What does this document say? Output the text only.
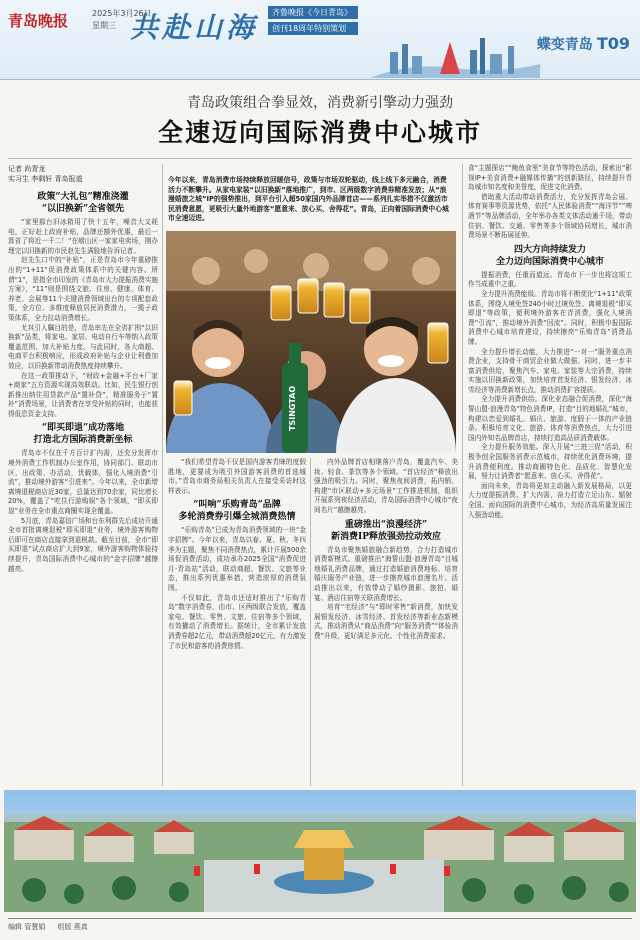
青岛晚报	2025年3月26日
星期三 共赴山海	齐鲁晚报《今日青岛》
创刊18周年特别策划
蝶变青岛 T09
青岛政策组合拳显效，消费新引擎动力强劲
全速迈向国际消费中心城市
记者 尚青龙
实习生 李剩轩 青岛报道
政策“大礼包”精准浇灌
“以旧换新”全省领先

“家里那台旧冰箱用了快十五年，噪音大又耗电，正好赶上政府补贴，品牌还额外优惠，最后一算省了将近一千二！”在崂山区一家家电卖场，刚办理完以旧换新的市民赵先生满脸地告诉记者。

赵先生口中的“补贴”，正是青岛市今年重磅推出的“1+11”促消费政策体系中的关键内容。所谓“1”，是指全市印发的《青岛市大力提振消费实施方案》，“11”则是围绕文旅、住房、健康、体育、养老、会展等11个关键消费领域出台的专项配套政策，全方位、多维度释放居民消费潜力，一揽子政策体系，全力拉动消费增长。

尤其引人瞩目的是，青岛率先在全省扩围“以旧换新”品类，将家电、家居、电动自行车等纳入政策覆盖范围，加大补贴力度。与此同时，各大商超、电商平台积极响应，形成政府补贴与企业让利叠加效应，以旧换新带动消费热度持续攀升。

在这一政策推动下，“财政+金融+平台+厂家+商家”五方资源实现高效联动。比如，民生银行创新推出纳住用贷款产品“置补贷”，精准服务于“置补”消费场景，让消费者在享受补贴的同时，也能获得低息资金支持。

“即买即退”成功落地
打造北方国际消费新坐标

青岛市不仅在千方百计扩内需，还充分发挥市境外消费工作机制办公室作用，协同部门、联动市区，出政策、办活动，优载体，强化入境消费“引流”，推动境外游客“引进来”。今年以来，全市新增离境退税商店近30家，总量达到70余家，同比增长20%，覆盖了“吃住行游购娱”各个领域，“即买即退”业务在全市重点商圈实现全覆盖。

5月底，青岛嘉信广场和台东利群先后成功开通全市首批离境退税“即买即退”业务，境外游客购物后即可在商店直接拿到退税款。截至目前，全市“即买即退”试点商店扩大到9家，境外游客购物体验持续提升，青岛国际消费中心城市的“金字招牌”越擦越亮。

今年以来，青岛消费市场持续释放回暖信号，政策与市场双轮驱动，线上线下多元融合，消费活力不断攀升。从家电家装“以旧换新”落地推广，到市、区两级数字消费券精准发放；从“浪漫婚旅之城”IP的强势推出，到平台引入超50家国内外品牌首店——系列扎实举措不仅激活市民消费意愿，更吸引大量外地游客“愿意来、放心买、舍得花”。青岛，正向着国际消费中心城市全速迈进。
TSINGTAO

“我们希望青岛不仅是国内游客青睐的度假胜地，更要成为吸引外国游客消费的首选城市。”青岛市商务局相关负责人在接受采访时这样表示。

“叫响”乐购青岛”品牌
多轮消费券引爆全城消费热情

“乐购青岛”已成为青岛消费领域的一块“金字招牌”。今年以来，青岛以春、夏、秋、冬四季为主题，聚焦不同消费热点，累计开展500余场促消费活动，成功承办2025全国“消费促进月·青岛站”活动，联动商超、餐饮、文旅等业态，推出系列优惠举措，营造浓厚的消费氛围。

不仅如此，青岛市还适时推出了“乐购青岛”数字消费券，由市、区两级联合发放，覆盖家电、餐饮、零售、文旅、住宿等多个领域，有效撬动了消费增长。据统计，全市累计发放消费券超2亿元，带动消费超20亿元，有力激发了市民和游客的消费热情。

内外品牌首店相继落户青岛，覆盖汽车、美妆、轻食、茶饮等多个领域。“首店经济”释放出强劲的吸引力。同时，聚焦夜间消费，拓内销、构建“市区联动+多元场景”工作推进机制，组织开展系列夜经济活动，青岛国际消费中心城市“夜间名片”越擦越亮。

重磅推出“浪漫经济”
新消费IP释放强劲拉动效应

青岛市聚焦婚旅融合新趋势，合力打造城市消费新模式。重磅推出“海誓山盟·浪漫青岛”目城地婚礼消费品牌，通过打造婚旅消费地标、培育婚庆服务产业链，进一步擦亮城市浪漫名片。活动推出以来，有效带动了婚纱摄影、旅拍、婚宴、酒店住宿等关联消费增长。

培育“宅经济”与“即时零售”新消费，加快发展银发经济、冰雪经济、首发经济等新业态新模式，推动消费从“商品消费”向“服务消费”“体验消费”升级，更好满足多元化、个性化消费需求。

食“主题探店”“鲍鱼食里”美食节等特色活动，探索出“影视IP+美食消费+融媒体传播”的创新路径，持续提升青岛城市知名度和美誉度，促进文化消费。

借助重大活动带动消费活力，充分发挥青岛会展、体育赛事等资源优势，依托“人民体验消费”“海洋节”“啤酒节”等品牌活动，全年举办各类文体活动逾千场，带动住宿、餐饮、交通、零售等多个领域协同增长，城市消费场景不断拓展延伸。

四大方向持续发力
全力迈向国际消费中心城市

提振消费，任重而道远。青岛市下一步也将这项工作当成重中之重。

全力提升消费能级。青岛市将不断优化“1+11”政策体系，围绕人境免签240小时过境免签、离境退税“即买即退”等政策，便利境外游客在青消费，强化入境消费“引流”，推动境外消费“回流”。同时，积极申报国际消费中心城市培育建设，持续擦亮“乐购青岛”消费品牌。

全力提升增长动能，大力推进“一对一”服务重点消费企业，支持骨干商贸企业做大做强。同时，进一步丰富消费供给，聚焦汽车、家电、家装等大宗消费，持续实施以旧换新政策，加快培育首发经济、银发经济、冰雪经济等消费新增长点，推动消费扩容提质。

全力提升消费供给。深化业态融合促消费，深化“海誓山盟·浪漫青岛”特色消费IP，打造“目的地婚礼”城市，构建以恋爱到婚礼、婚庆、旅游、度假于一体的产业链条。积极培育文化、旅游、体育等消费热点，大力引进国内外知名品牌首店，持续打造高品质消费载体。

全力提升服务效能。深入开展“三进三促”活动，积极争创全国服务消费示范城市，持续优化消费环境，提升消费便利度。推动商圈特色化、品质化、智慧化发展，努力让消费者“愿意来、放心买、舍得花”。

面向未来，青岛将更加主动融入新发展格局，以更大力度提振消费、扩大内需，奋力打造立足山东、辐射全国、面向国际的消费中心城市，为经济高质量发展注入强劲动能。

编辑 管慧娟 组版 燕真
